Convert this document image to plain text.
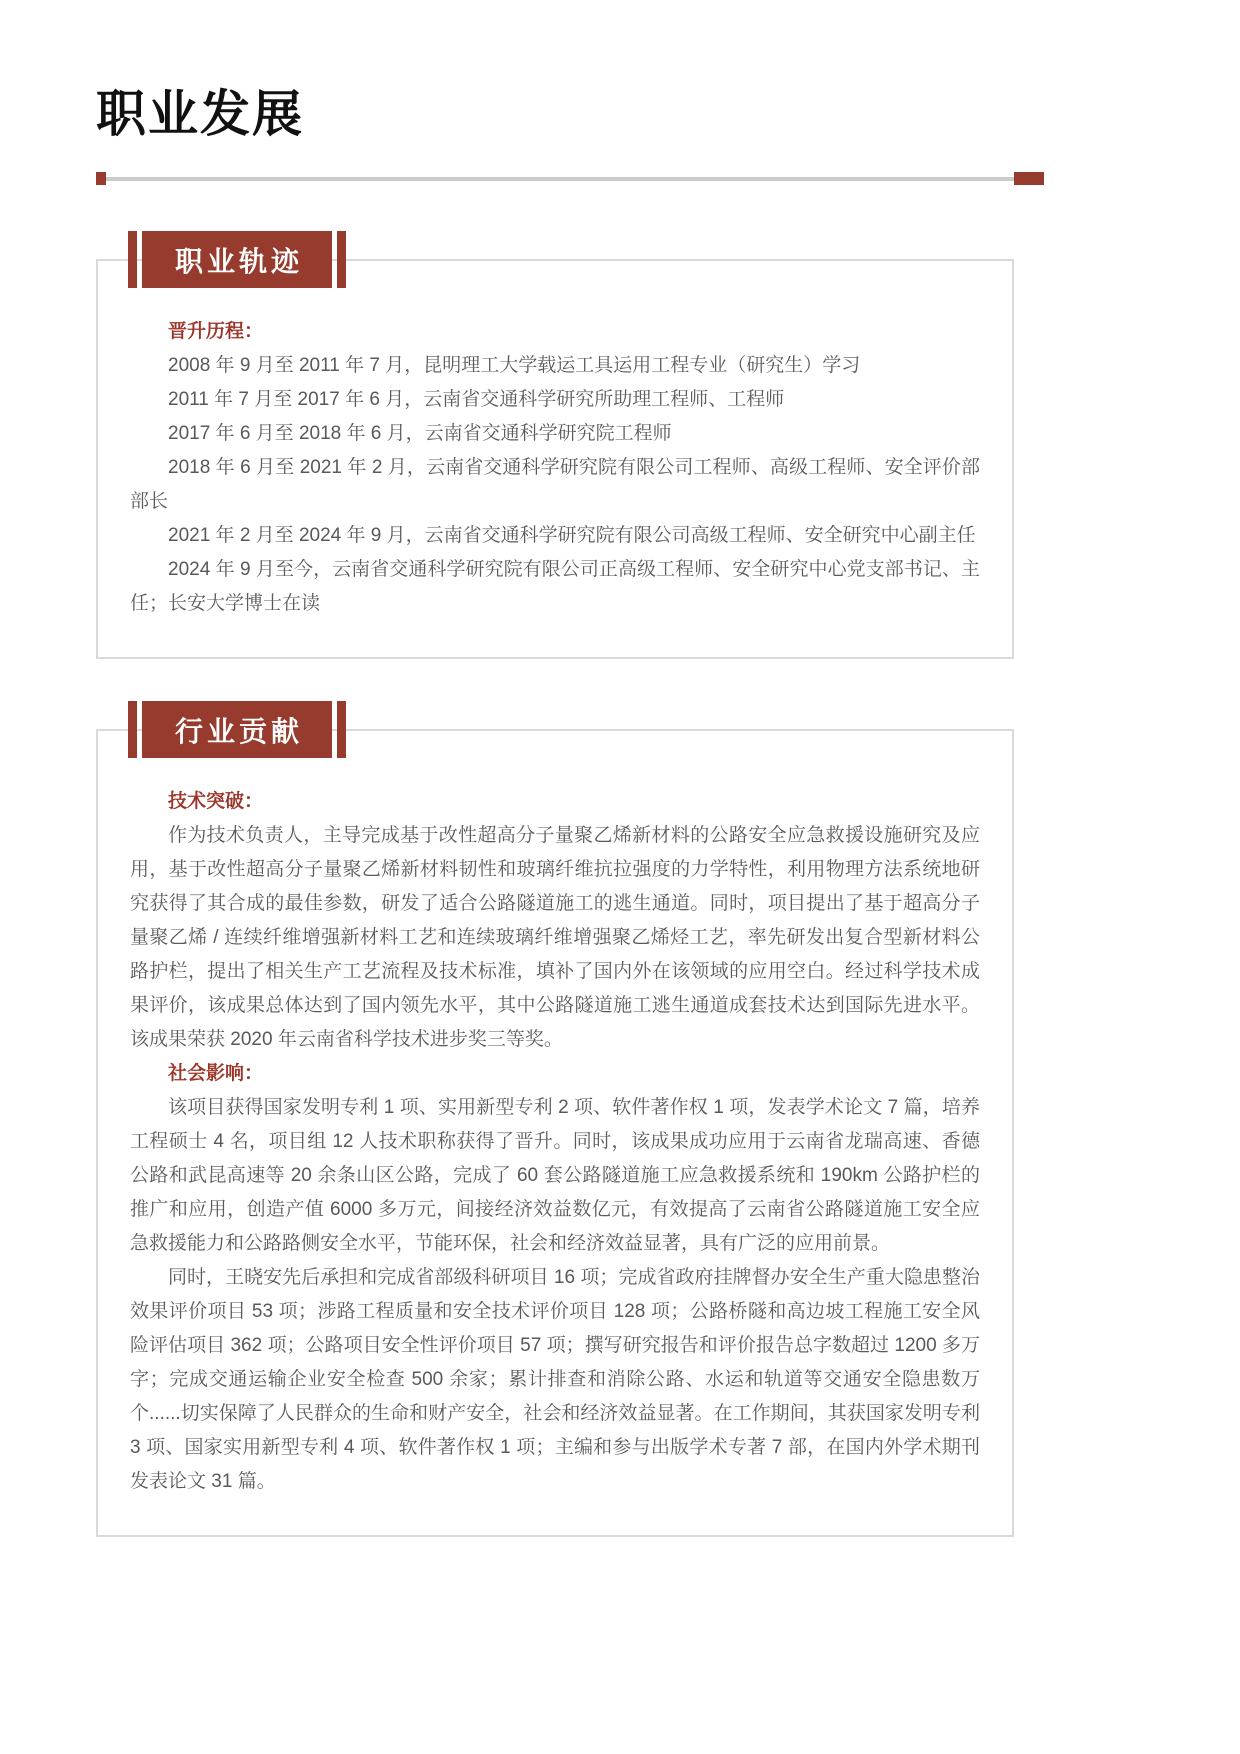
职业发展
职业轨迹

晋升历程：

2008 年 9 月至 2011 年 7 月，昆明理工大学载运工具运用工程专业（研究生）学习

2011 年 7 月至 2017 年 6 月，云南省交通科学研究所助理工程师、工程师

2017 年 6 月至 2018 年 6 月，云南省交通科学研究院工程师

2018 年 6 月至 2021 年 2 月，云南省交通科学研究院有限公司工程师、高级工程师、安全评价部部长

2021 年 2 月至 2024 年 9 月，云南省交通科学研究院有限公司高级工程师、安全研究中心副主任

2024 年 9 月至今，云南省交通科学研究院有限公司正高级工程师、安全研究中心党支部书记、主任；长安大学博士在读

行业贡献

技术突破：

作为技术负责人，主导完成基于改性超高分子量聚乙烯新材料的公路安全应急救援设施研究及应用，基于改性超高分子量聚乙烯新材料韧性和玻璃纤维抗拉强度的力学特性，利用物理方法系统地研究获得了其合成的最佳参数，研发了适合公路隧道施工的逃生通道。同时，项目提出了基于超高分子量聚乙烯 / 连续纤维增强新材料工艺和连续玻璃纤维增强聚乙烯烃工艺，率先研发出复合型新材料公路护栏，提出了相关生产工艺流程及技术标准，填补了国内外在该领域的应用空白。经过科学技术成果评价，该成果总体达到了国内领先水平，其中公路隧道施工逃生通道成套技术达到国际先进水平。该成果荣获 2020 年云南省科学技术进步奖三等奖。

社会影响：

该项目获得国家发明专利 1 项、实用新型专利 2 项、软件著作权 1 项，发表学术论文 7 篇，培养工程硕士 4 名，项目组 12 人技术职称获得了晋升。同时，该成果成功应用于云南省龙瑞高速、香德公路和武昆高速等 20 余条山区公路，完成了 60 套公路隧道施工应急救援系统和 190km 公路护栏的推广和应用，创造产值 6000 多万元，间接经济效益数亿元，有效提高了云南省公路隧道施工安全应急救援能力和公路路侧安全水平，节能环保，社会和经济效益显著，具有广泛的应用前景。

同时，王晓安先后承担和完成省部级科研项目 16 项；完成省政府挂牌督办安全生产重大隐患整治效果评价项目 53 项；涉路工程质量和安全技术评价项目 128 项；公路桥隧和高边坡工程施工安全风险评估项目 362 项；公路项目安全性评价项目 57 项；撰写研究报告和评价报告总字数超过 1200 多万字；完成交通运输企业安全检查 500 余家；累计排查和消除公路、水运和轨道等交通安全隐患数万个......切实保障了人民群众的生命和财产安全，社会和经济效益显著。在工作期间，其获国家发明专利 3 项、国家实用新型专利 4 项、软件著作权 1 项；主编和参与出版学术专著 7 部，在国内外学术期刊发表论文 31 篇。
